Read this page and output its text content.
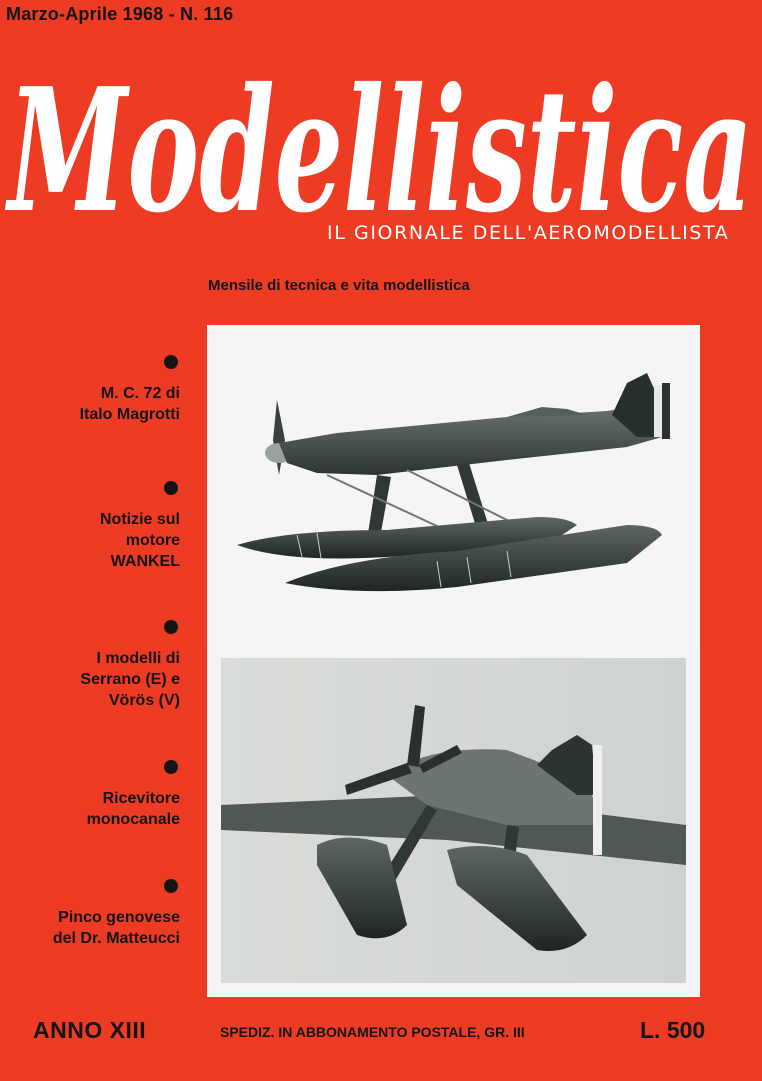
Marzo-Aprile 1968 - N. 116
Modellistica
IL GIORNALE DELL'AEROMODELLISTA
Mensile di tecnica e vita modellistica
M. C. 72 di
Italo Magrotti
Notizie sul
motore
WANKEL
I modelli di
Serrano (E) e
Vörös (V)
Ricevitore
monocanale
Pinco genovese
del Dr. Matteucci
ANNO XIII	SPEDIZ. IN ABBONAMENTO POSTALE, GR. III	L. 500
